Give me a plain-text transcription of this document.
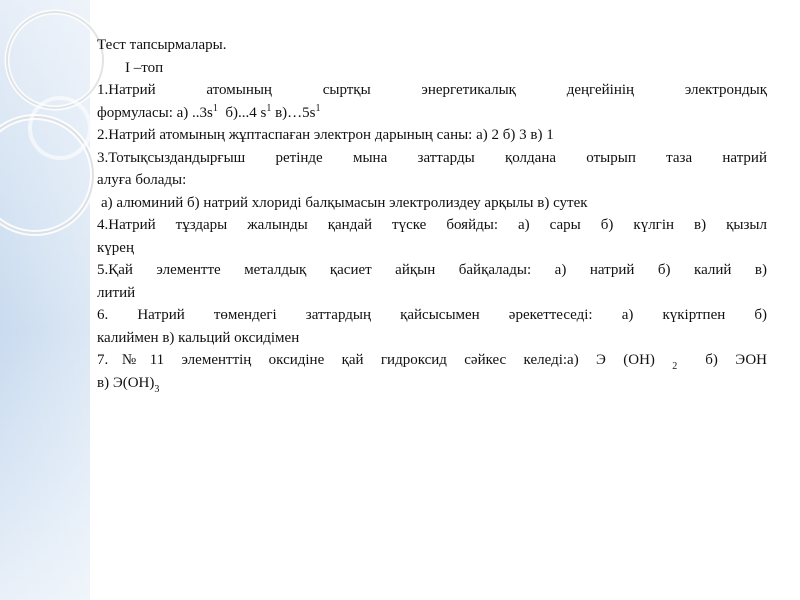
Тест тапсырмалары.

І –топ

1.Натрий атомының сыртқы энергетикалық деңгейінің электрондық

формуласы: а) $..3s^1$  б)...4 $s^1$ $в)\dots 5s^1$

2.Натрий атомының жұптаспаған электрон дарының саны: а) 2 б) 3 в) 1

3.Тотықсыздандырғыш ретінде мына заттарды қолдана отырып таза натрий

алуға болады:

а) алюминий б) натрий хлориді балқымасын электролиздеу арқылы в) сутек

4.Натрий тұздары жалынды қандай түске бояйды: а) сары б) күлгін в) қызыл

күрең

5.Қай элементте металдық қасиет айқын байқалады: а) натрий б) калий в)

литий

6. Натрий төмендегі заттардың қайсысымен әрекеттеседі: а) күкіртпен б)

калиймен в) кальций оксидімен

7.№11 элементтің оксидіне қай гидроксид сәйкес келеді:а) Э (ОН) $_2$ б) ЭОН

в) $Э(ОН)_3$
